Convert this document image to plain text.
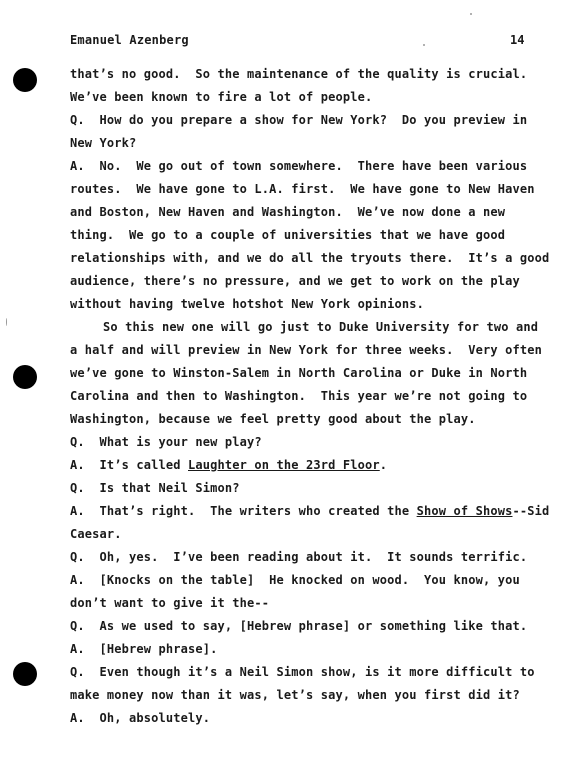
Emanuel Azenberg	14
that’s no good.  So the maintenance of the quality is crucial.
We’ve been known to fire a lot of people.
Q.  How do you prepare a show for New York?  Do you preview in
New York?
A.  No.  We go out of town somewhere.  There have been various
routes.  We have gone to L.A. first.  We have gone to New Haven
and Boston, New Haven and Washington.  We’ve now done a new
thing.  We go to a couple of universities that we have good
relationships with, and we do all the tryouts there.  It’s a good
audience, there’s no pressure, and we get to work on the play
without having twelve hotshot New York opinions.
So this new one will go just to Duke University for two and
a half and will preview in New York for three weeks.  Very often
we’ve gone to Winston-Salem in North Carolina or Duke in North
Carolina and then to Washington.  This year we’re not going to
Washington, because we feel pretty good about the play.
Q.  What is your new play?
A.  It’s called Laughter on the 23rd Floor.
Q.  Is that Neil Simon?
A.  That’s right.  The writers who created the Show of Shows--Sid
Caesar.
Q.  Oh, yes.  I’ve been reading about it.  It sounds terrific.
A.  [Knocks on the table]  He knocked on wood.  You know, you
don’t want to give it the--
Q.  As we used to say, [Hebrew phrase] or something like that.
A.  [Hebrew phrase].
Q.  Even though it’s a Neil Simon show, is it more difficult to
make money now than it was, let’s say, when you first did it?
A.  Oh, absolutely.
